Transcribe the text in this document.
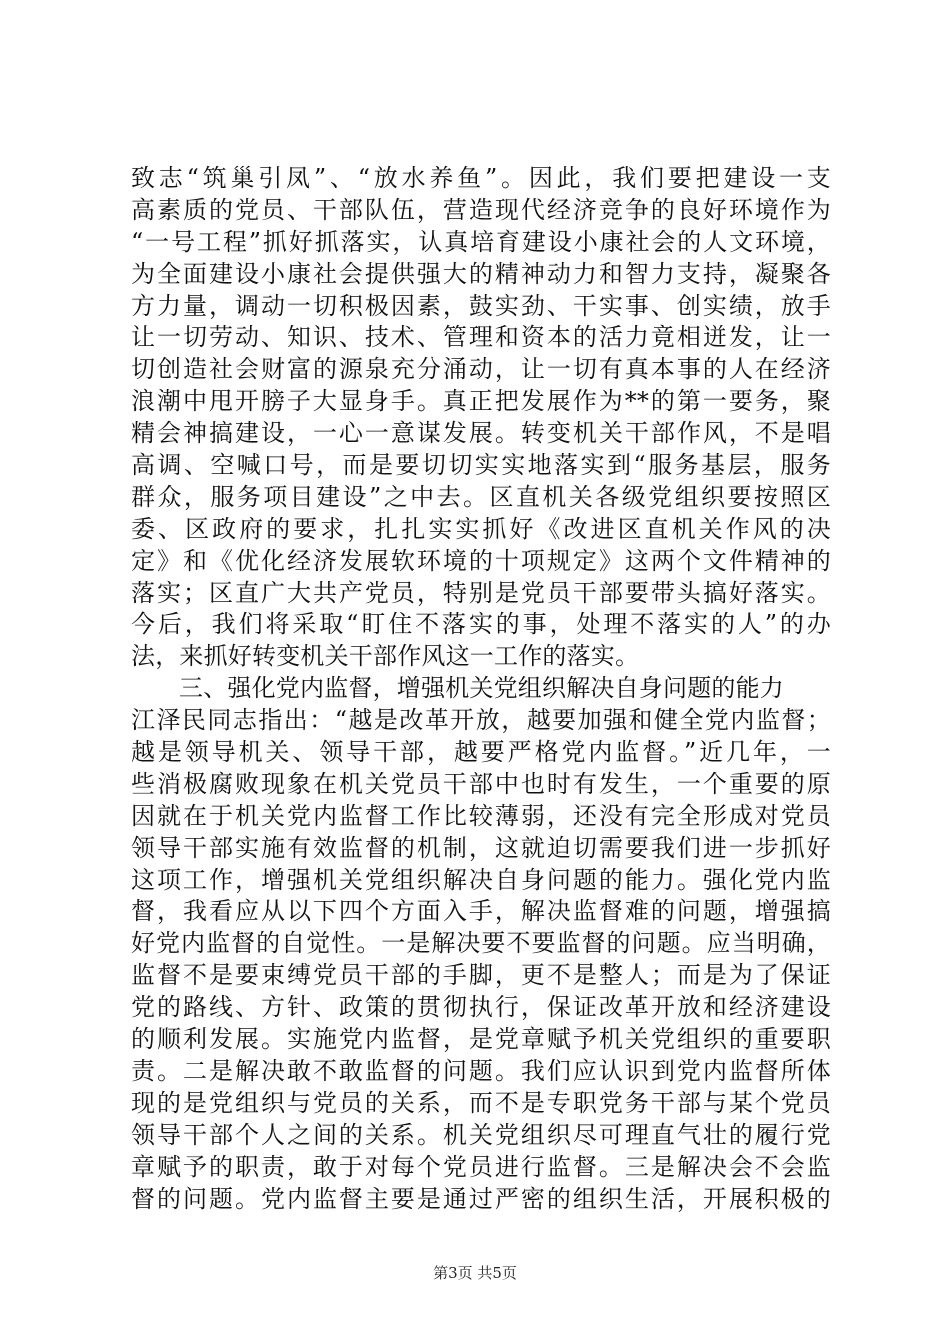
致志“筑巢引凤”、“放水养鱼”。因此，我们要把建设一支
高素质的党员、干部队伍，营造现代经济竞争的良好环境作为
“一号工程”抓好抓落实，认真培育建设小康社会的人文环境，
为全面建设小康社会提供强大的精神动力和智力支持，凝聚各
方力量，调动一切积极因素，鼓实劲、干实事、创实绩，放手
让一切劳动、知识、技术、管理和资本的活力竟相迸发，让一
切创造社会财富的源泉充分涌动，让一切有真本事的人在经济
浪潮中甩开膀子大显身手。真正把发展作为**的第一要务，聚
精会神搞建设，一心一意谋发展。转变机关干部作风，不是唱
高调、空喊口号，而是要切切实实地落实到“服务基层，服务
群众，服务项目建设”之中去。区直机关各级党组织要按照区
委、区政府的要求，扎扎实实抓好《改进区直机关作风的决
定》和《优化经济发展软环境的十项规定》这两个文件精神的
落实；区直广大共产党员，特别是党员干部要带头搞好落实。
今后，我们将采取“盯住不落实的事，处理不落实的人”的办
法，来抓好转变机关干部作风这一工作的落实。
三、强化党内监督，增强机关党组织解决自身问题的能力
江泽民同志指出：“越是改革开放，越要加强和健全党内监督；
越是领导机关、领导干部，越要严格党内监督。”近几年，一
些消极腐败现象在机关党员干部中也时有发生，一个重要的原
因就在于机关党内监督工作比较薄弱，还没有完全形成对党员
领导干部实施有效监督的机制，这就迫切需要我们进一步抓好
这项工作，增强机关党组织解决自身问题的能力。强化党内监
督，我看应从以下四个方面入手，解决监督难的问题，增强搞
好党内监督的自觉性。一是解决要不要监督的问题。应当明确，
监督不是要束缚党员干部的手脚，更不是整人；而是为了保证
党的路线、方针、政策的贯彻执行，保证改革开放和经济建设
的顺利发展。实施党内监督，是党章赋予机关党组织的重要职
责。二是解决敢不敢监督的问题。我们应认识到党内监督所体
现的是党组织与党员的关系，而不是专职党务干部与某个党员
领导干部个人之间的关系。机关党组织尽可理直气壮的履行党
章赋予的职责，敢于对每个党员进行监督。三是解决会不会监
督的问题。党内监督主要是通过严密的组织生活，开展积极的
第3页 共5页
